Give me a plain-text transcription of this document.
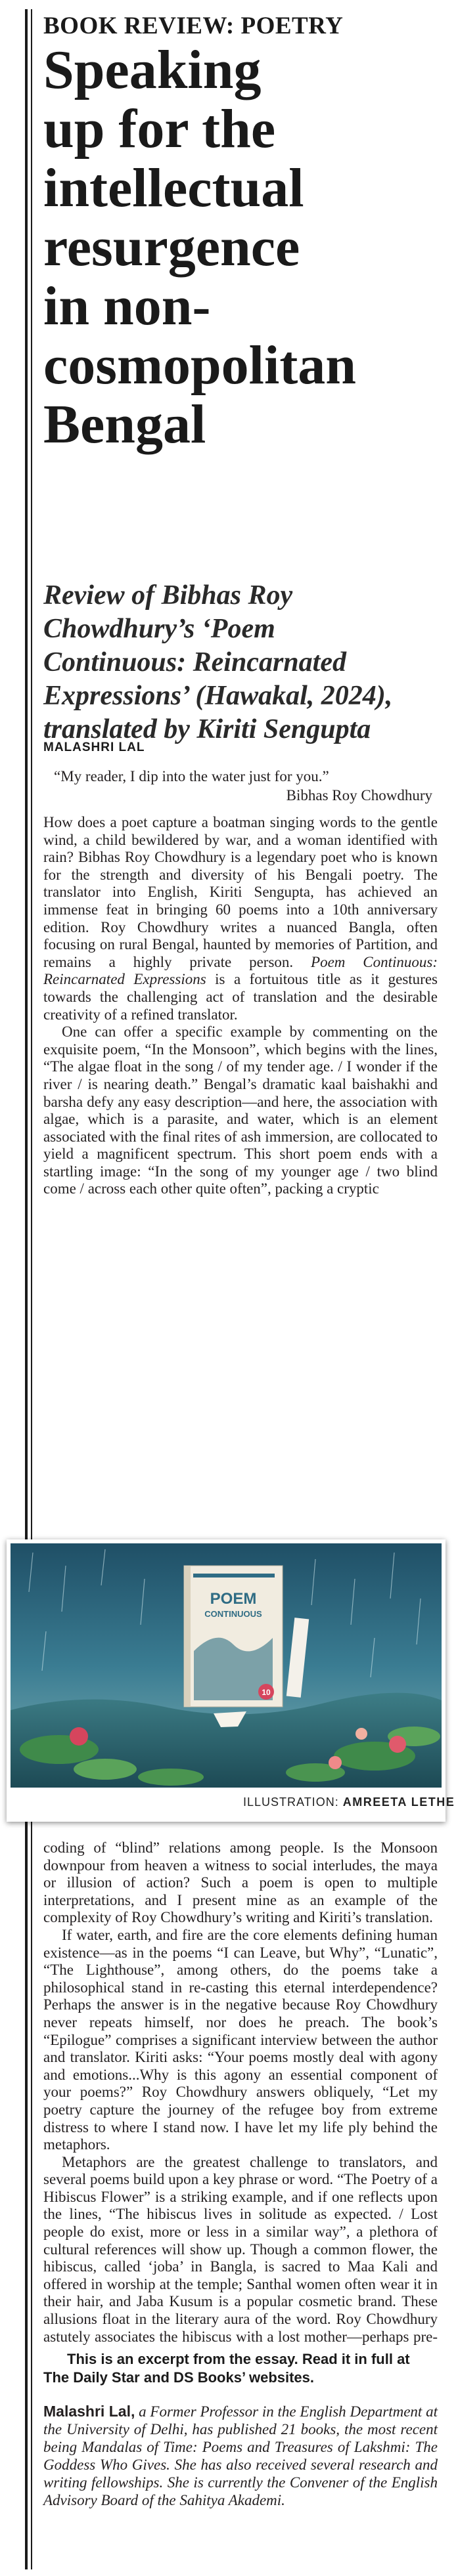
BOOK REVIEW: POETRY
Speaking
up for the
intellectual
resurgence
in non-
cosmopolitan
Bengal
Review of Bibhas Roy
Chowdhury’s ‘Poem
Continuous: Reincarnated
Expressions’ (Hawakal, 2024),
translated by Kiriti Sengupta
MALASHRI LAL
“My reader, I dip into the water just for you.”
Bibhas Roy Chowdhury

How does a poet capture a boatman singing words to the gentle wind, a child bewildered by war, and a woman identified with rain? Bibhas Roy Chowdhury is a legendary poet who is known for the strength and diversity of his Bengali poetry. The translator into English, Kiriti Sengupta, has achieved an immense feat in bringing 60 poems into a 10th anniversary edition. Roy Chowdhury writes a nuanced Bangla, often focusing on rural Bengal, haunted by memories of Partition, and remains a highly private person. Poem Continuous: Reincarnated Expressions is a fortuitous title as it gestures towards the challenging act of translation and the desirable creativity of a refined translator.

One can offer a specific example by commenting on the exquisite poem, “In the Monsoon”, which begins with the lines, “The algae float in the song / of my tender age. / I wonder if the river / is nearing death.” Bengal’s dramatic kaal baishakhi and barsha defy any easy description—and here, the association with algae, which is a parasite, and water, which is an element associated with the final rites of ash immersion, are collocated to yield a magnificent spectrum. This short poem ends with a startling image: “In the song of my younger age / two blind come / across each other quite often”, packing a cryptic

POEM
CONTINUOUS
10
ILLUSTRATION: AMREETA LETHE

coding of “blind” relations among people. Is the Monsoon downpour from heaven a witness to social interludes, the maya or illusion of action? Such a poem is open to multiple interpretations, and I present mine as an example of the complexity of Roy Chowdhury’s writing and Kiriti’s translation.

If water, earth, and fire are the core elements defining human existence—as in the poems “I can Leave, but Why”, “Lunatic”, “The Lighthouse”, among others, do the poems take a philosophical stand in re-casting this eternal interdependence? Perhaps the answer is in the negative because Roy Chowdhury never repeats himself, nor does he preach. The book’s “Epilogue” comprises a significant interview between the author and translator. Kiriti asks: “Your poems mostly deal with agony and emotions...Why is this agony an essential component of your poems?” Roy Chowdhury answers obliquely, “Let my poetry capture the journey of the refugee boy from extreme distress to where I stand now. I have let my life ply behind the metaphors.

Metaphors are the greatest challenge to translators, and several poems build upon a key phrase or word. “The Poetry of a Hibiscus Flower” is a striking example, and if one reflects upon the lines, “The hibiscus lives in solitude as expected. / Lost people do exist, more or less in a similar way”, a plethora of cultural references will show up. Though a common flower, the hibiscus, called ‘joba’ in Bangla, is sacred to Maa Kali and offered in worship at the temple; Santhal women often wear it in their hair, and Jaba Kusum is a popular cosmetic brand. These allusions float in the literary aura of the word. Roy Chowdhury astutely associates the hibiscus with a lost mother—perhaps pre-

This is an excerpt from the essay. Read it in full at The Daily Star and DS Books’ websites.

Malashri Lal, a Former Professor in the English Department at the University of Delhi, has published 21 books, the most recent being Mandalas of Time: Poems and Treasures of Lakshmi: The Goddess Who Gives. She has also received several research and writing fellowships. She is currently the Convener of the English Advisory Board of the Sahitya Akademi.
